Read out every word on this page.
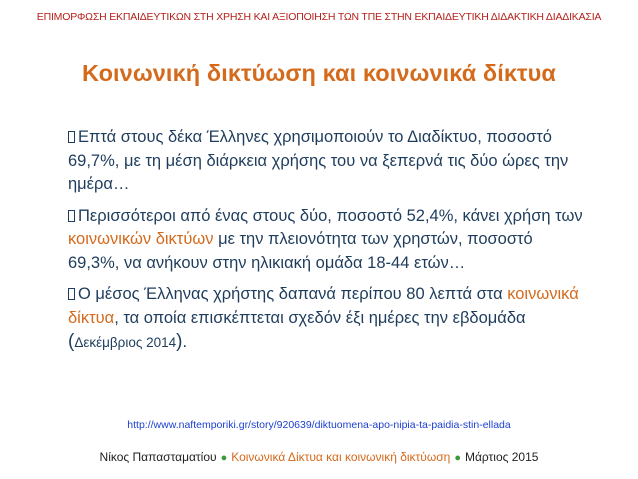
ΕΠΙΜΟΡΦΩΣΗ ΕΚΠΑΙΔΕΥΤΙΚΩΝ ΣΤΗ ΧΡΗΣΗ ΚΑΙ ΑΞΙΟΠΟΙΗΣΗ ΤΩΝ ΤΠΕ ΣΤΗΝ ΕΚΠΑΙΔΕΥΤΙΚΗ ΔΙΔΑΚΤΙΚΗ ΔΙΑΔΙΚΑΣΙΑ
Κοινωνική δικτύωση και κοινωνικά δίκτυα
Επτά στους δέκα Έλληνες χρησιμοποιούν το Διαδίκτυο, ποσοστό 69,7%, με τη μέση διάρκεια χρήσης του να ξεπερνά τις δύο ώρες την ημέρα…
Περισσότεροι από ένας στους δύο, ποσοστό 52,4%, κάνει χρήση των κοινωνικών δικτύων με την πλειονότητα των χρηστών, ποσοστό 69,3%, να ανήκουν στην ηλικιακή ομάδα 18-44 ετών…
Ο μέσος Έλληνας χρήστης δαπανά περίπου 80 λεπτά στα κοινωνικά δίκτυα, τα οποία επισκέπτεται σχεδόν έξι ημέρες την εβδομάδα (Δεκέμβριος 2014).
http://www.naftemporiki.gr/story/920639/diktuomena-apo-nipia-ta-paidia-stin-ellada
Νίκος Παπασταματίου ● Κοινωνικά Δίκτυα και κοινωνική δικτύωση ● Μάρτιος 2015
